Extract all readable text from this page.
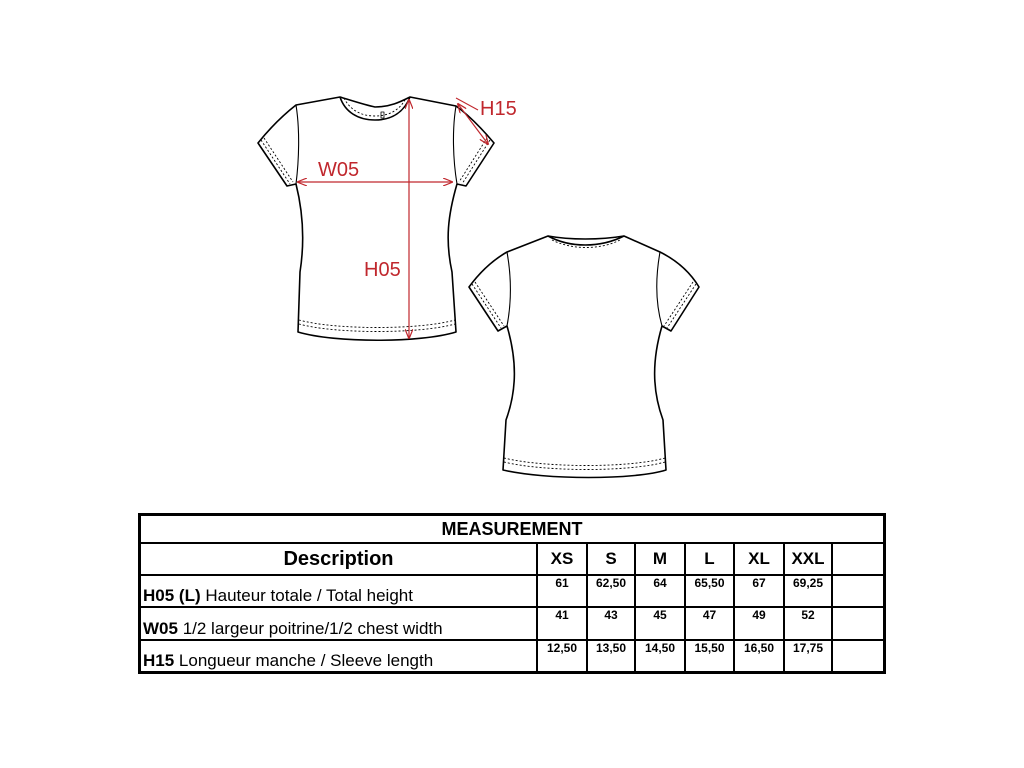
H15
W05
H05
MEASUREMENT							
Description	XS	S	M	L	XL	XXL	
H05 (L) Hauteur totale / Total height	61	62,50	64	65,50	67	69,25	
W05 1/2 largeur poitrine/1/2 chest width	41	43	45	47	49	52	
H15 Longueur manche / Sleeve length	12,50	13,50	14,50	15,50	16,50	17,75	
